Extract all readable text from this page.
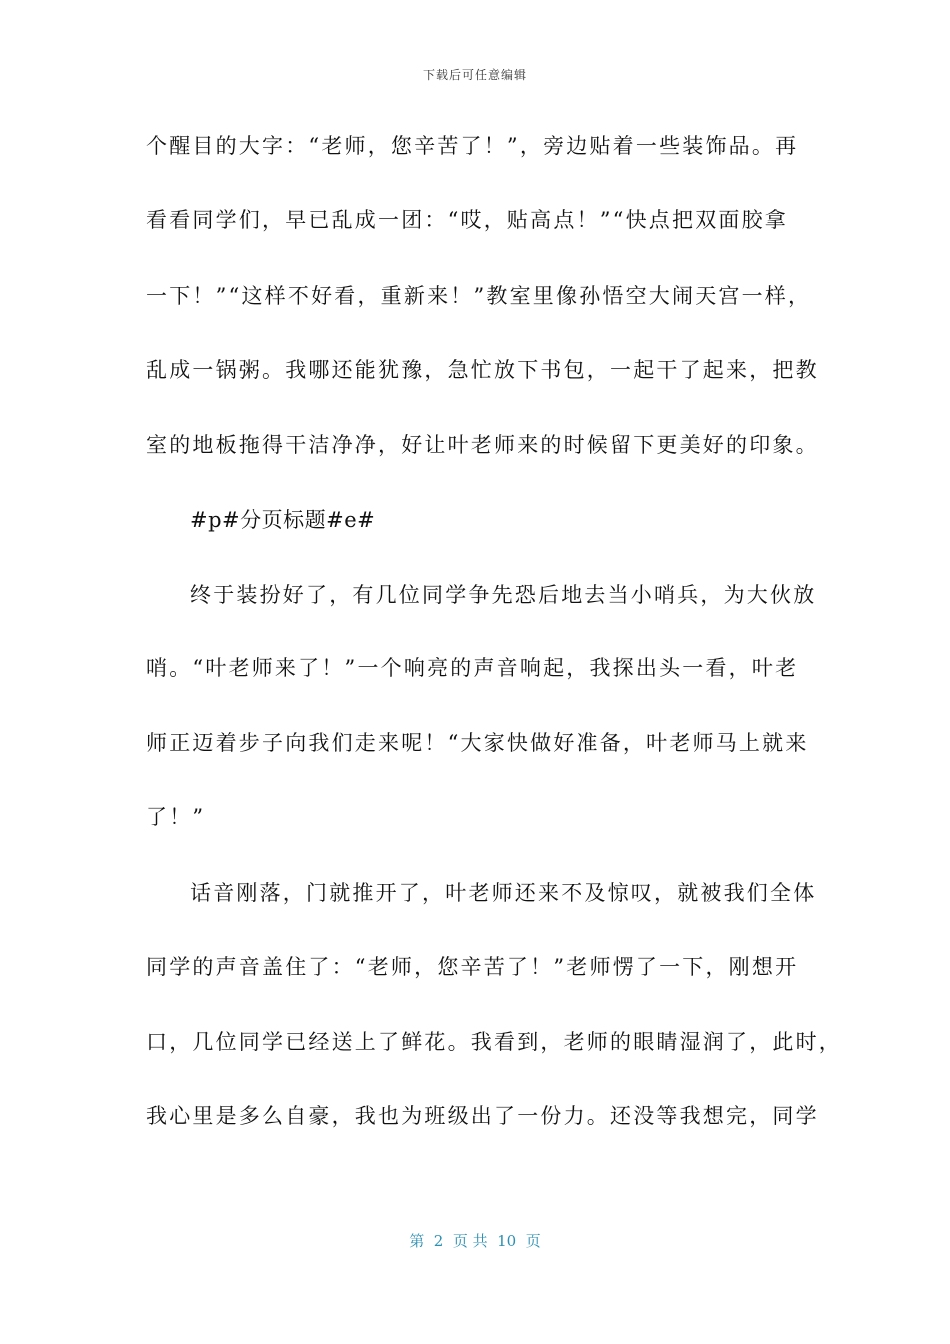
下载后可任意编辑
个醒目的大字：“老师，您辛苦了！”，旁边贴着一些装饰品。再
看看同学们，早已乱成一团：“哎，贴高点！”“快点把双面胶拿
一下！”“这样不好看，重新来！”教室里像孙悟空大闹天宫一样，
乱成一锅粥。我哪还能犹豫，急忙放下书包，一起干了起来，把教
室的地板拖得干洁净净，好让叶老师来的时候留下更美好的印象。
#p#分页标题#e#
终于装扮好了，有几位同学争先恐后地去当小哨兵，为大伙放
哨。“叶老师来了！”一个响亮的声音响起，我探出头一看，叶老
师正迈着步子向我们走来呢！“大家快做好准备，叶老师马上就来
了！”
话音刚落，门就推开了，叶老师还来不及惊叹，就被我们全体
同学的声音盖住了：“老师，您辛苦了！”老师愣了一下，刚想开
口，几位同学已经送上了鲜花。我看到，老师的眼睛湿润了，此时，
我心里是多么自豪，我也为班级出了一份力。还没等我想完，同学
第  2  页 共  10  页
